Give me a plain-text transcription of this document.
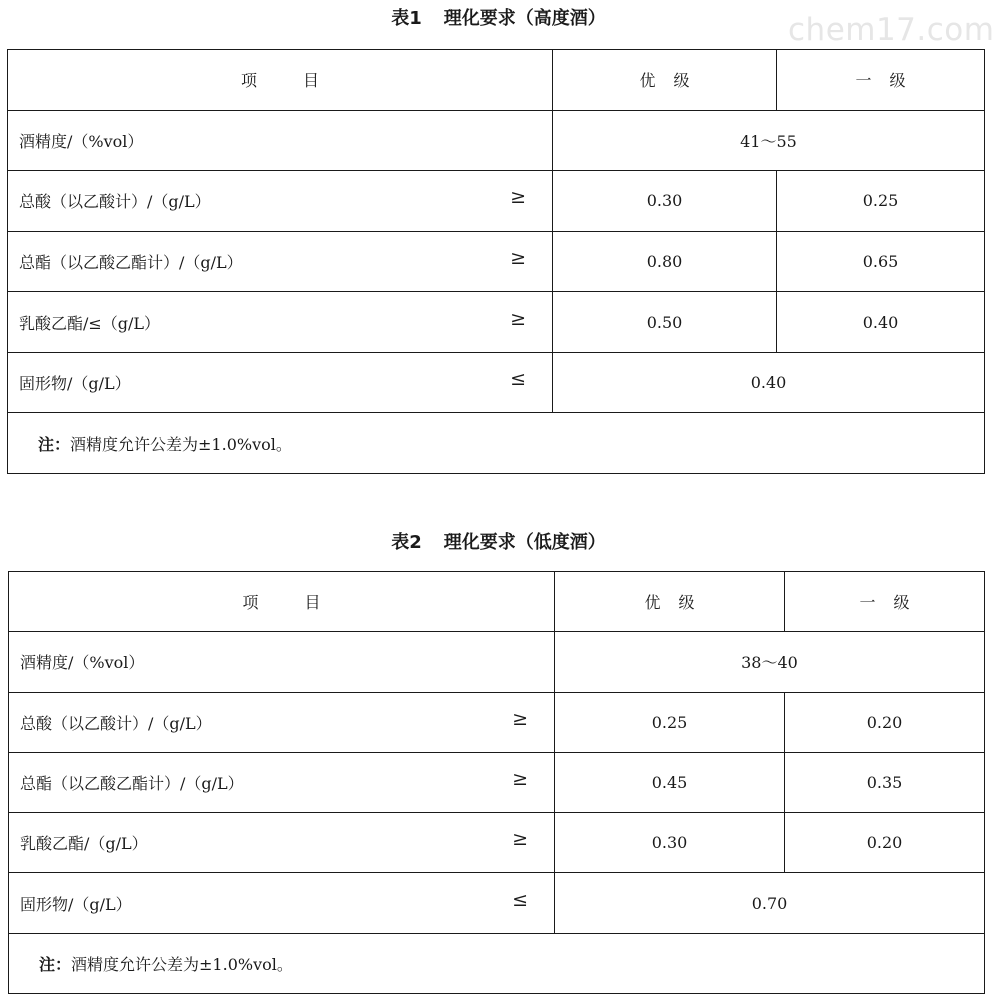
chem17.com
表1 理化要求（高度酒）
项 目	优 级	一 级
酒精度/（%vol）	41～55	
总酸（以乙酸计）/（g/L） ≥	0.30	0.25
总酯（以乙酸乙酯计）/（g/L） ≥	0.80	0.65
乳酸乙酯/≤（g/L） ≥	0.50	0.40
固形物/（g/L） ≤	0.40	
注：酒精度允许公差为±1.0%vol。		
表2 理化要求（低度酒）
项 目	优 级	一 级
酒精度/（%vol）	38～40	
总酸（以乙酸计）/（g/L） ≥	0.25	0.20
总酯（以乙酸乙酯计）/（g/L） ≥	0.45	0.35
乳酸乙酯/（g/L） ≥	0.30	0.20
固形物/（g/L） ≤	0.70	
注：酒精度允许公差为±1.0%vol。		
